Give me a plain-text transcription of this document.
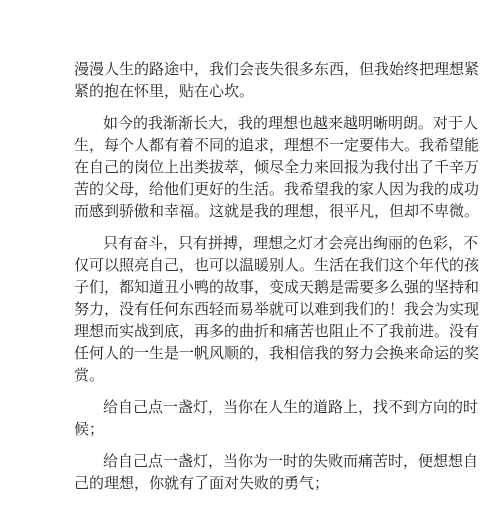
漫漫人生的路途中，我们会丧失很多东西，但我始终把理想紧
紧的抱在怀里，贴在心坎。
如今的我渐渐长大，我的理想也越来越明晰明朗。对于人
生，每个人都有着不同的追求，理想不一定要伟大。我希望能
在自己的岗位上出类拔萃，倾尽全力来回报为我付出了千辛万
苦的父母，给他们更好的生活。我希望我的家人因为我的成功
而感到骄傲和幸福。这就是我的理想，很平凡，但却不卑微。
只有奋斗，只有拼搏，理想之灯才会亮出绚丽的色彩，不
仅可以照亮自己，也可以温暖别人。生活在我们这个年代的孩
子们，都知道丑小鸭的故事，变成天鹅是需要多么强的坚持和
努力，没有任何东西轻而易举就可以难到我们的！我会为实现
理想而实战到底，再多的曲折和痛苦也阻止不了我前进。没有
任何人的一生是一帆风顺的，我相信我的努力会换来命运的奖
赏。
给自己点一盏灯，当你在人生的道路上，找不到方向的时
候；
给自己点一盏灯，当你为一时的失败而痛苦时，便想想自
己的理想，你就有了面对失败的勇气；
